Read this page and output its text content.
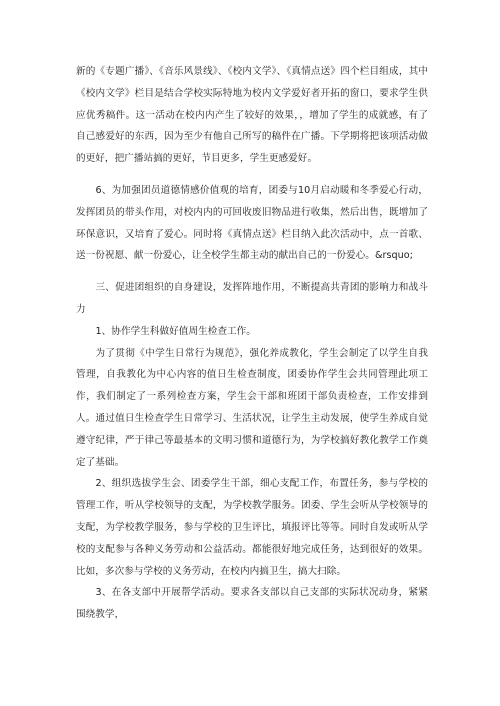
新的《专题广播》、《音乐风景线》、《校内文学》、《真情点送》四个栏目组成，其中《校内文学》栏目是结合学校实际特地为校内文学爱好者开拓的窗口，要求学生供应优秀稿件。这一活动在校内内产生了较好的效果，，增加了学生的成就感，有了自己感爱好的东西，因为至少有他自己所写的稿件在广播。下学期将把该项活动做的更好，把广播站搞的更好，节目更多，学生更感爱好。

6、为加强团员道德情感价值观的培育，团委与10月启动暖和冬季爱心行动，发挥团员的带头作用，对校内内的可回收废旧物品进行收集，然后出售，既增加了环保意识，又培育了爱心。同时将《真情点送》栏目纳入此次活动中，点一首歌、送一份祝愿、献一份爱心，让全校学生都主动的献出自己的一份爱心。&rsquo;

三、促进团组织的自身建设，发挥阵地作用，不断提高共青团的影响力和战斗力

1、协作学生科做好值周生检查工作。

为了贯彻《中学生日常行为规范》，强化养成教化，学生会制定了以学生自我管理，自我教化为中心内容的值日生检查制度，团委协作学生会共同管理此项工作，我们制定了一系列检查方案，学生会干部和班团干部负责检查，工作安排到人。通过值日生检查学生日常学习、生活状况，让学生主动发展，使学生养成自觉遵守纪律，严于律己等最基本的文明习惯和道德行为，为学校搞好教化教学工作奠定了基础。

2、组织选拔学生会、团委学生干部，细心支配工作，布置任务，参与学校的管理工作，听从学校领导的支配，为学校教学服务。团委、学生会听从学校领导的支配，为学校教学服务，参与学校的卫生评比，填报评比等等。同时自发或听从学校的支配参与各种义务劳动和公益活动。都能很好地完成任务，达到很好的效果。比如，多次参与学校的义务劳动，在校内内搞卫生，搞大扫除。

3、在各支部中开展帮学活动。要求各支部以自己支部的实际状况动身，紧紧围绕教学，
